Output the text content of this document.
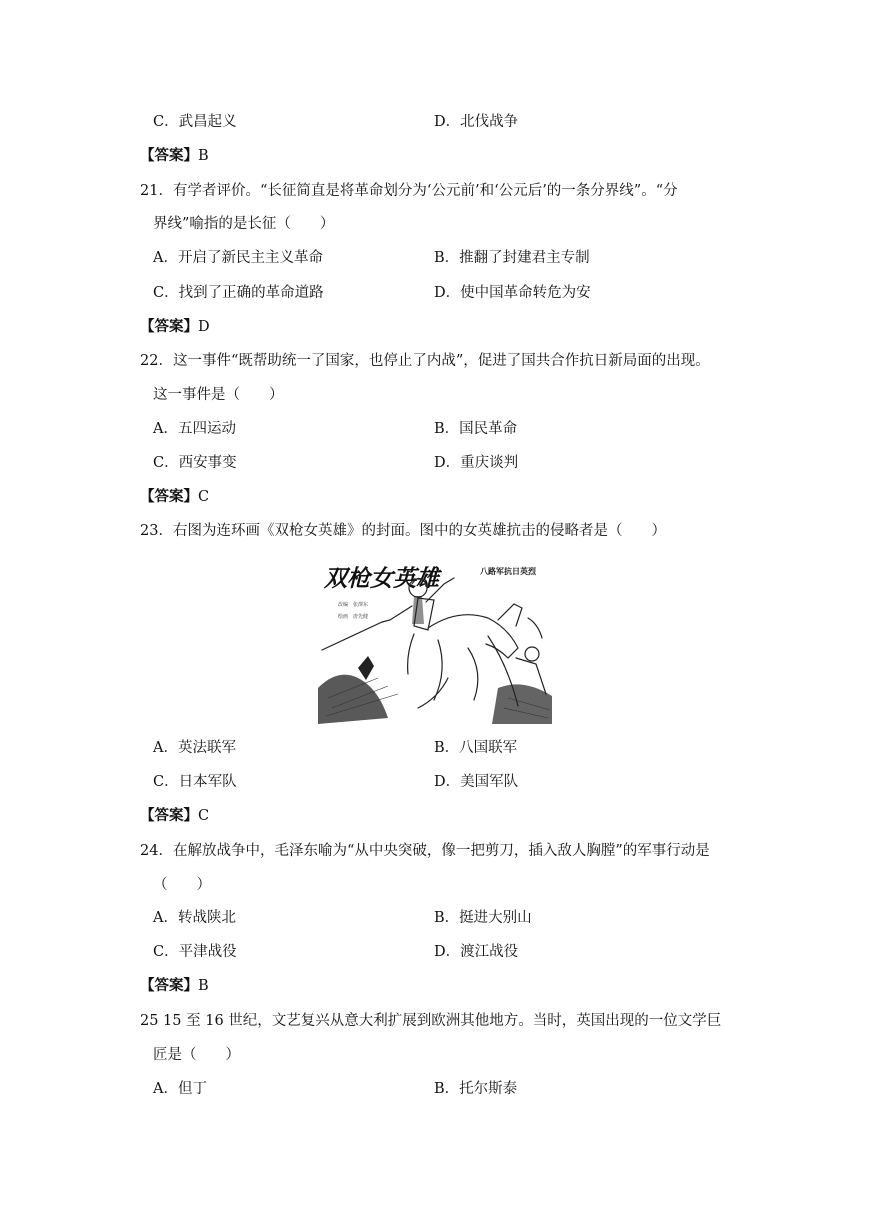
C．武昌起义	D．北伐战争
【答案】B
21．有学者评价。“长征简直是将革命划分为‘公元前’和‘公元后’的一条分界线”。“分
界线”喻指的是长征（　　）
A．开启了新民主主义革命	B．推翻了封建君主专制
C．找到了正确的革命道路	D．使中国革命转危为安
【答案】D
22．这一事件“既帮助统一了国家，也停止了内战”，促进了国共合作抗日新局面的出现。
这一事件是（　　）
A．五四运动	B．国民革命
C．西安事变	D．重庆谈判
【答案】C
23．右图为连环画《双枪女英雄》的封面。图中的女英雄抗击的侵略者是（　　）
双枪女英雄	八路军抗日英烈
改编　张澤东
绘画　唐先健
A．英法联军	B．八国联军
C．日本军队	D．美国军队
【答案】C
24．在解放战争中，毛泽东喻为“从中央突破，像一把剪刀，插入敌人胸膛”的军事行动是
（　　）
A．转战陕北	B．挺进大别山
C．平津战役	D．渡江战役
【答案】B
25 15 至 16 世纪，文艺复兴从意大利扩展到欧洲其他地方。当时，英国出现的一位文学巨
匠是（　　）
A．但丁	B．托尔斯泰
